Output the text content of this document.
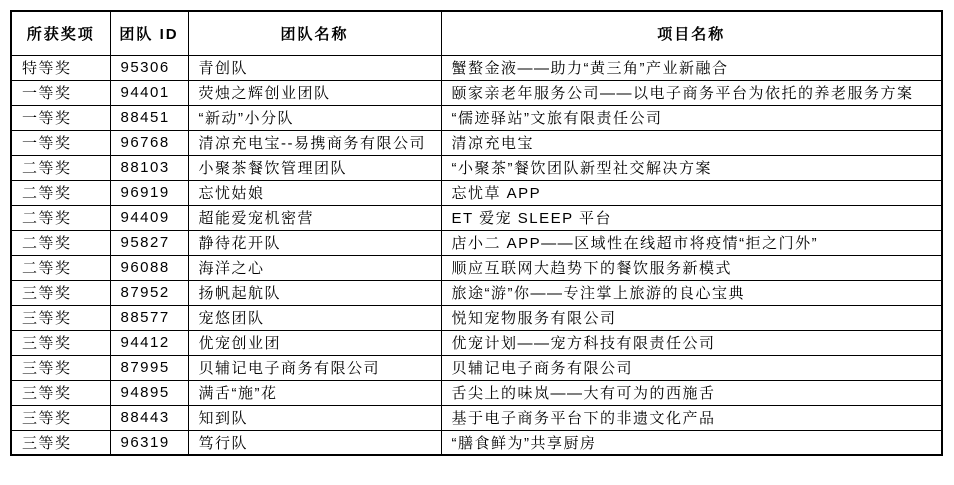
所获奖项	团队 ID	团队名称	项目名称
特等奖	95306	青创队	蟹螯金液——助力“黄三角”产业新融合
一等奖	94401	荧烛之辉创业团队	颐家亲老年服务公司——以电子商务平台为依托的养老服务方案
一等奖	88451	“新动”小分队	“儒迹驿站”文旅有限责任公司
一等奖	96768	清凉充电宝--易携商务有限公司	清凉充电宝
二等奖	88103	小聚茶餐饮管理团队	“小聚茶”餐饮团队新型社交解决方案
二等奖	96919	忘忧姑娘	忘忧草 APP
二等奖	94409	超能爱宠机密营	ET 爱宠 SLEEP 平台
二等奖	95827	静待花开队	店小二 APP——区域性在线超市将疫情“拒之门外”
二等奖	96088	海洋之心	顺应互联网大趋势下的餐饮服务新模式
三等奖	87952	扬帆起航队	旅途“游”你——专注掌上旅游的良心宝典
三等奖	88577	宠悠团队	悦知宠物服务有限公司
三等奖	94412	优宠创业团	优宠计划——宠方科技有限责任公司
三等奖	87995	贝辅记电子商务有限公司	贝辅记电子商务有限公司
三等奖	94895	满舌“施”花	舌尖上的味岚——大有可为的西施舌
三等奖	88443	知到队	基于电子商务平台下的非遗文化产品
三等奖	96319	笃行队	“膳食鲜为”共享厨房
